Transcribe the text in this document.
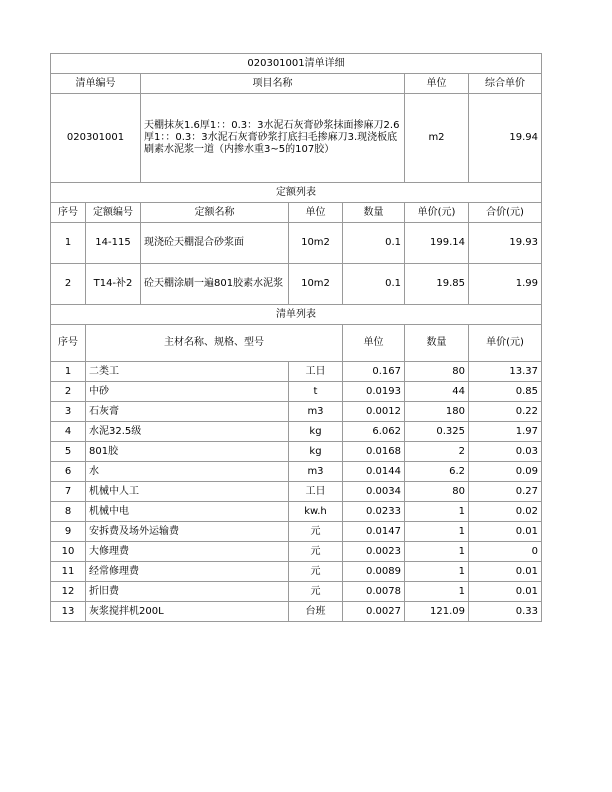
020301001清单详细							
清单编号		项目名称			单位	综合单价	
020301001		天棚抹灰1.6厚1：：0.3：3水泥石灰膏砂浆抹面掺麻刀2.6厚1：：0.3：3水泥石灰膏砂浆打底扫毛掺麻刀3.现浇板底刷素水泥浆一道（内掺水重3~5的107胶）			m2	19.94	
定额列表							
序号	定额编号	定额名称	单位	数量	单价(元)	合价(元)	
1	14-115	现浇砼天棚混合砂浆面	10m2	0.1	199.14	19.93	
2	T14-补2	砼天棚涂刷一遍801胶素水泥浆	10m2	0.1	19.85	1.99	
清单列表							
序号	主材名称、规格、型号			单位	数量	单价(元)	
1	二类工		工日	0.167	80	13.37	
2	中砂		t	0.0193	44	0.85	
3	石灰膏		m3	0.0012	180	0.22	
4	水泥32.5级		kg	6.062	0.325	1.97	
5	801胶		kg	0.0168	2	0.03	
6	水		m3	0.0144	6.2	0.09	
7	机械中人工		工日	0.0034	80	0.27	
8	机械中电		kw.h	0.0233	1	0.02	
9	安拆费及场外运输费		元	0.0147	1	0.01	
10	大修理费		元	0.0023	1	0	
11	经常修理费		元	0.0089	1	0.01	
12	折旧费		元	0.0078	1	0.01	
13	灰浆搅拌机200L		台班	0.0027	121.09	0.33	
